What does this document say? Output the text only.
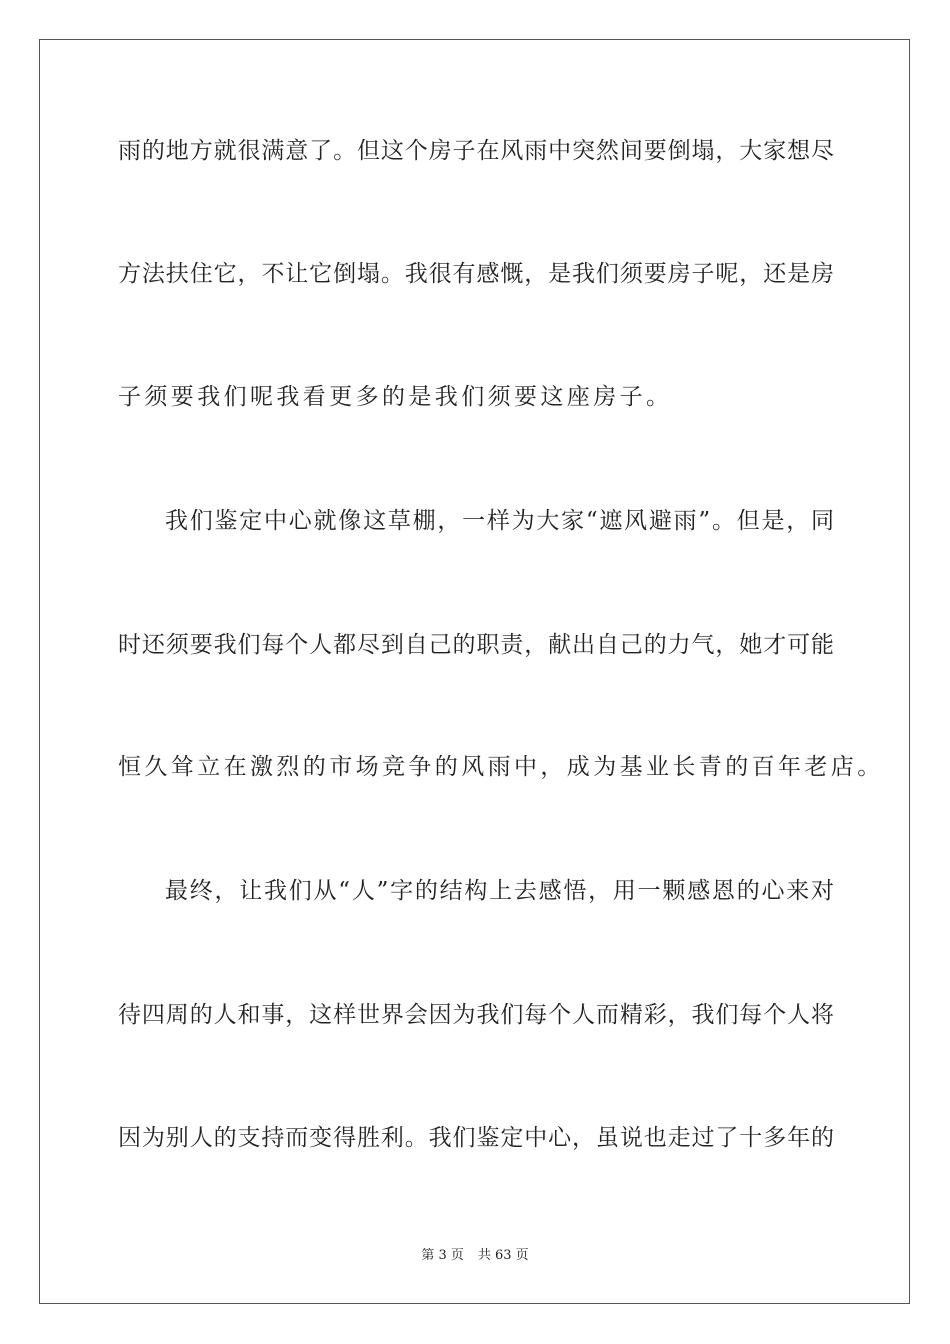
雨的地方就很满意了。但这个房子在风雨中突然间要倒塌，大家想尽
方法扶住它，不让它倒塌。我很有感慨，是我们须要房子呢，还是房
子须要我们呢我看更多的是我们须要这座房子。
我们鉴定中心就像这草棚，一样为大家“遮风避雨”。但是，同
时还须要我们每个人都尽到自己的职责，献出自己的力气，她才可能
恒久耸立在激烈的市场竞争的风雨中，成为基业长青的百年老店。
最终，让我们从“人”字的结构上去感悟，用一颗感恩的心来对
待四周的人和事，这样世界会因为我们每个人而精彩，我们每个人将
因为别人的支持而变得胜利。我们鉴定中心，虽说也走过了十多年的
第 3 页 共 63 页
